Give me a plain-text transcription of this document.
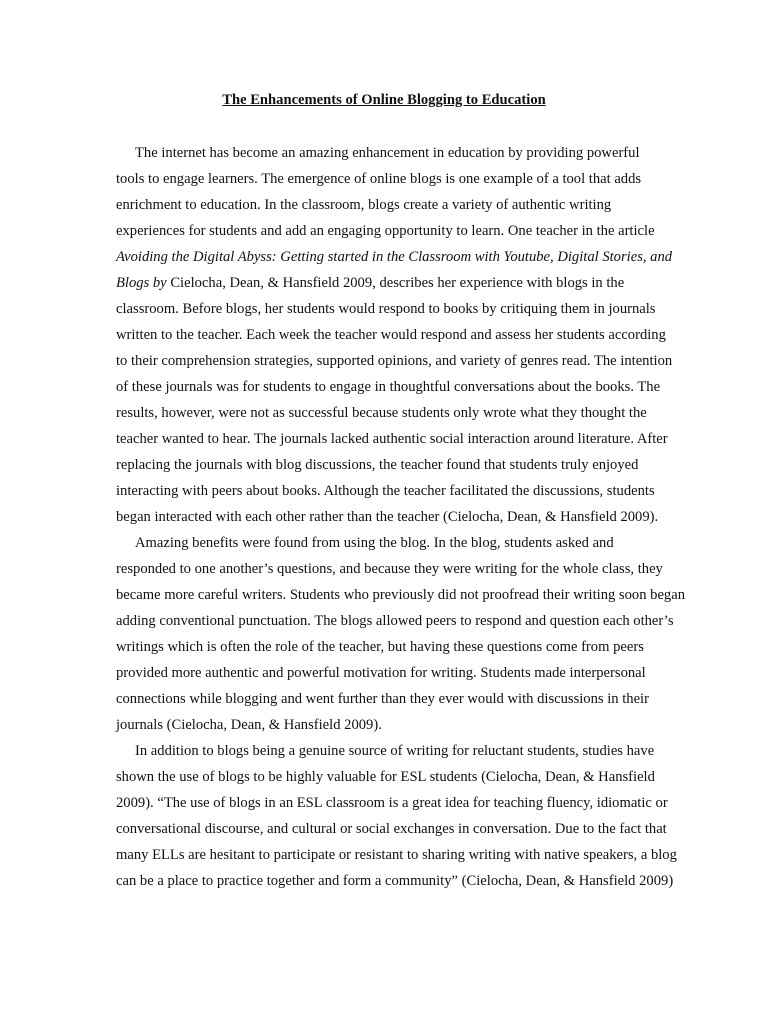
The Enhancements of Online Blogging to Education
The internet has become an amazing enhancement in education by providing powerful
tools to engage learners. The emergence of online blogs is one example of a tool that adds
enrichment to education. In the classroom, blogs create a variety of authentic writing
experiences for students and add an engaging opportunity to learn. One teacher in the article
Avoiding the Digital Abyss: Getting started in the Classroom with Youtube, Digital Stories, and
Blogs by Cielocha, Dean, & Hansfield 2009, describes her experience with blogs in the
classroom. Before blogs, her students would respond to books by critiquing them in journals
written to the teacher. Each week the teacher would respond and assess her students according
to their comprehension strategies, supported opinions, and variety of genres read. The intention
of these journals was for students to engage in thoughtful conversations about the books. The
results, however, were not as successful because students only wrote what they thought the
teacher wanted to hear. The journals lacked authentic social interaction around literature. After
replacing the journals with blog discussions, the teacher found that students truly enjoyed
interacting with peers about books. Although the teacher facilitated the discussions, students
began interacted with each other rather than the teacher (Cielocha, Dean, & Hansfield 2009).
Amazing benefits were found from using the blog. In the blog, students asked and
responded to one another’s questions, and because they were writing for the whole class, they
became more careful writers. Students who previously did not proofread their writing soon began
adding conventional punctuation. The blogs allowed peers to respond and question each other’s
writings which is often the role of the teacher, but having these questions come from peers
provided more authentic and powerful motivation for writing. Students made interpersonal
connections while blogging and went further than they ever would with discussions in their
journals (Cielocha, Dean, & Hansfield 2009).
In addition to blogs being a genuine source of writing for reluctant students, studies have
shown the use of blogs to be highly valuable for ESL students (Cielocha, Dean, & Hansfield
2009). “The use of blogs in an ESL classroom is a great idea for teaching fluency, idiomatic or
conversational discourse, and cultural or social exchanges in conversation. Due to the fact that
many ELLs are hesitant to participate or resistant to sharing writing with native speakers, a blog
can be a place to practice together and form a community” (Cielocha, Dean, & Hansfield 2009)
